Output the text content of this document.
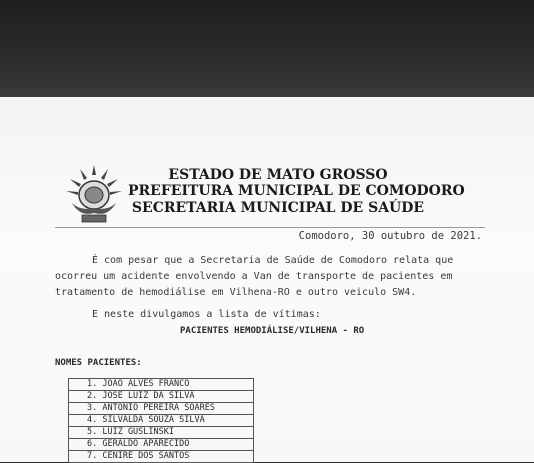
ESTADO DE MATO GROSSO
PREFEITURA MUNICIPAL DE COMODORO
SECRETARIA MUNICIPAL DE SAÚDE
Comodoro, 30 outubro de 2021.
É com pesar que a Secretaria de Saúde de Comodoro relata que
ocorreu um acidente envolvendo a Van de transporte de pacientes em
tratamento de hemodiálise em Vilhena-RO e outro veiculo SW4.
E neste divulgamos a lista de vítimas:
PACIENTES HEMODIÁLISE/VILHENA - RO
NOMES PACIENTES:
1. JOAO ALVES FRANCO
2. JOSE LUIZ DA SILVA
3. ANTONIO PEREIRA SOARES
4. SILVALDA SOUZA SILVA
5. LUIZ GUSLINSKI
6. GERALDO APARECIDO
7. CENIRE DOS SANTOS
